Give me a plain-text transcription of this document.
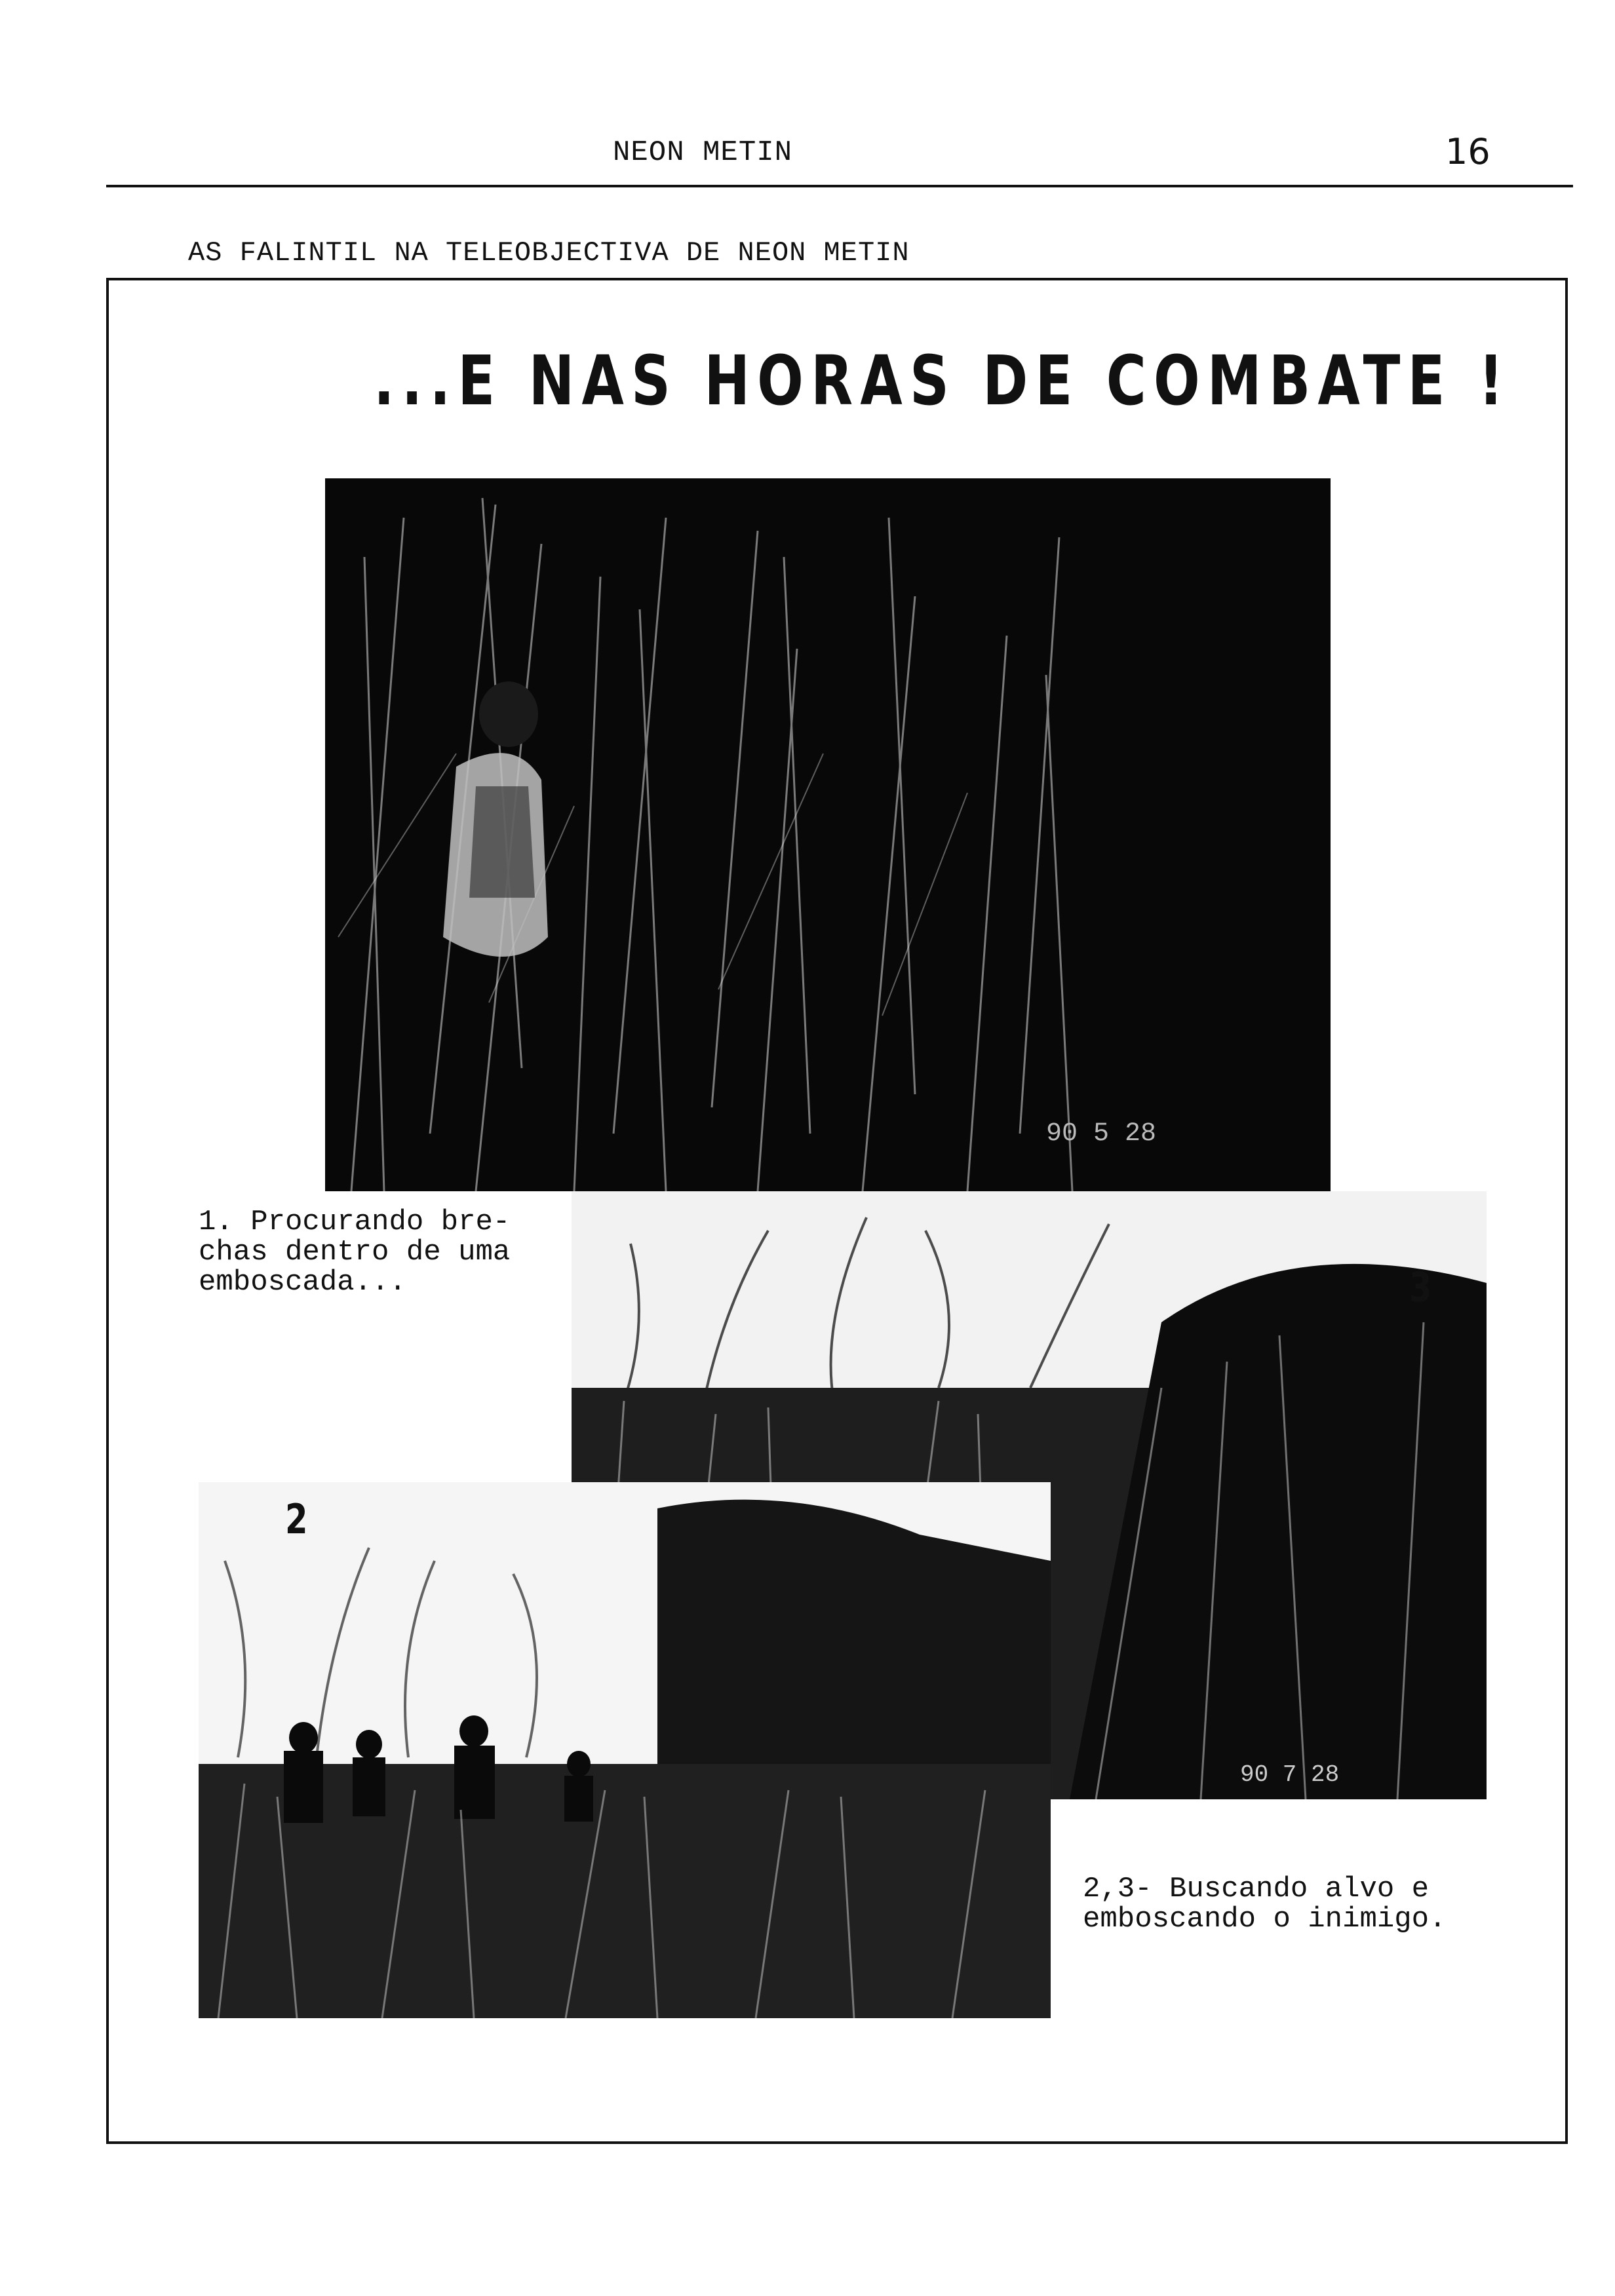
NEON METIN	16
AS FALINTIL NA TELEOBJECTIVA DE NEON METIN
...E NAS HORAS DE COMBATE !
90 5 28
90 7 28
3
2
1. Procurando bre-
chas dentro de uma
emboscada...
2,3- Buscando alvo e
emboscando o inimigo.
